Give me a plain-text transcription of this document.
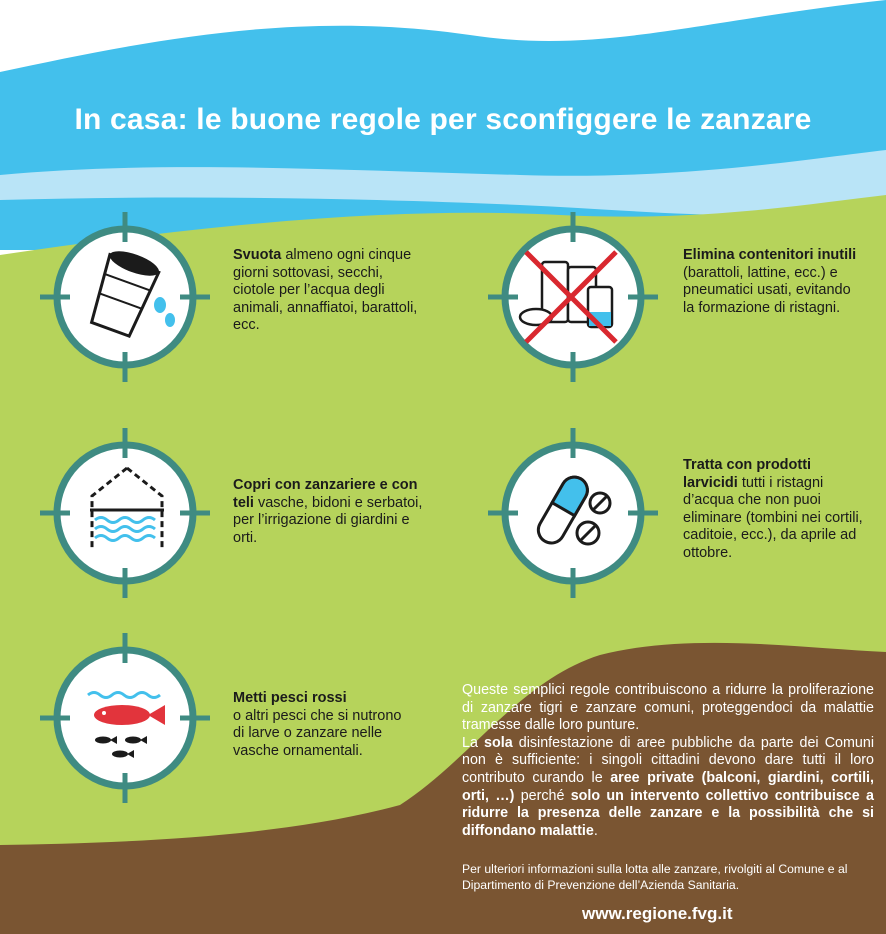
In casa: le buone regole per sconfiggere le zanzare
Svuota almeno ogni cinque giorni sottovasi, secchi, ciotole per l’acqua degli animali, annaffiatoi, barattoli, ecc.
Elimina contenitori inutili (barattoli, lattine, ecc.) e pneumatici usati, evitando la formazione di ristagni.
Copri con zanzariere e con teli vasche, bidoni e serbatoi, per l’irrigazione di giardini e orti.
Tratta con prodotti larvicidi tutti i ristagni d’acqua che non puoi eliminare (tombini nei cortili, caditoie, ecc.), da aprile ad ottobre.
Metti pesci rossi
o altri pesci che si nutrono di larve o zanzare nelle vasche ornamentali.

Queste semplici regole contribuiscono a ridurre la proliferazione di zanzare tigri e zanzare comuni, proteggendoci da malattie tramesse dalle loro punture.

La sola disinfestazione di aree pubbliche da parte dei Comuni non è sufficiente: i singoli cittadini devono dare tutti il loro contributo curando le aree private (balconi, giardini, cortili, orti, …) perché solo un intervento collettivo contribuisce a ridurre la presenza delle zanzare e la possibilità che si diffondano malattie.

Per ulteriori informazioni sulla lotta alle zanzare, rivolgiti al Comune e al Dipartimento di Prevenzione dell’Azienda Sanitaria.
www.regione.fvg.it
